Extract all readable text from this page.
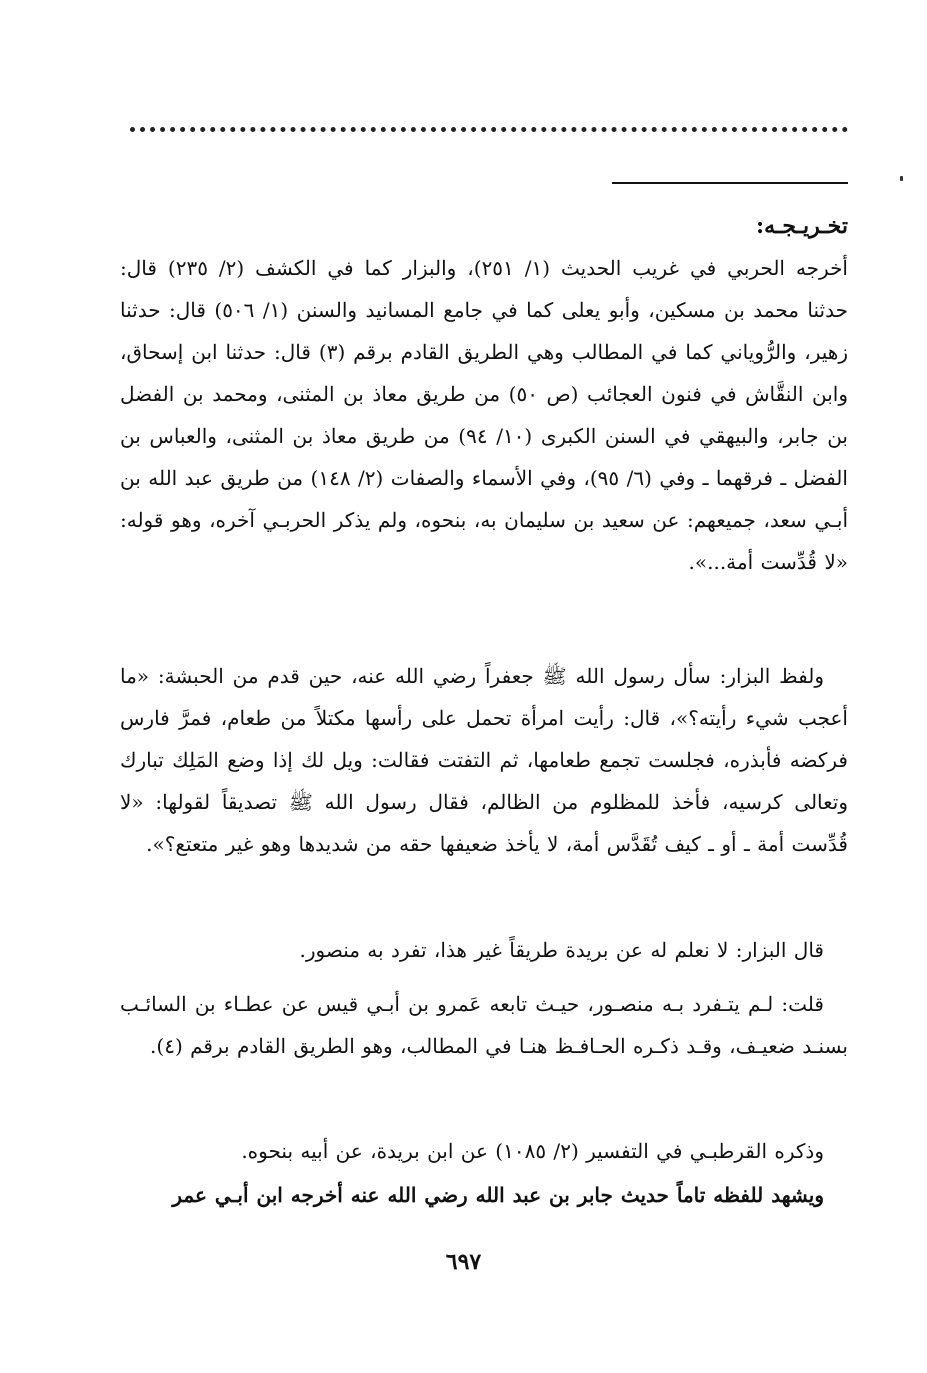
تخـريـجـه:
أخرجه الحربي في غريب الحديث (١/ ٢٥١)، والبزار كما في الكشف (٢/ ٢٣٥) قال: حدثنا محمد بن مسكين، وأبو يعلى كما في جامع المسانيد والسنن (١/ ٥٠٦) قال: حدثنا زهير، والرُّوياني كما في المطالب وهي الطريق القادم برقم (٣) قال: حدثنا ابن إسحاق، وابن النقَّاش في فنون العجائب (ص ٥٠) من طريق معاذ بن المثنى، ومحمد بن الفضل بن جابر، والبيهقي في السنن الكبرى (١٠/ ٩٤) من طريق معاذ بن المثنى، والعباس بن الفضل ـ فرقهما ـ وفي (٦/ ٩٥)، وفي الأسماء والصفات (٢/ ١٤٨) من طريق عبد الله بن أبـي سعد، جميعهم: عن سعيد بن سليمان به، بنحوه، ولم يذكر الحربـي آخره، وهو قوله: «لا قُدِّست أمة...».
ولفظ البزار: سأل رسول الله ﷺ جعفراً رضي الله عنه، حين قدم من الحبشة: «ما أعجب شيء رأيته؟»، قال: رأيت امرأة تحمل على رأسها مكتلاً من طعام، فمرَّ فارس فركضه فأبذره، فجلست تجمع طعامها، ثم التفتت فقالت: ويل لك إذا وضع المَلِك تبارك وتعالى كرسيه، فأخذ للمظلوم من الظالم، فقال رسول الله ﷺ تصديقاً لقولها: «لا قُدِّست أمة ـ أو ـ كيف تُقَدَّس أمة، لا يأخذ ضعيفها حقه من شديدها وهو غير متعتع؟».
قال البزار: لا نعلم له عن بريدة طريقاً غير هذا، تفرد به منصور.
قلت: لـم يتـفرد بـه منصـور، حيـث تابعه عَمرو بن أبـي قيس عن عطـاء بن السائـب بسنـد ضعيـف، وقـد ذكـره الحـافـظ هنـا في المطالب، وهو الطريق القادم برقم (٤).
وذكره القرطبـي في التفسير (٢/ ١٠٨٥) عن ابن بريدة، عن أبيه بنحوه.
ويشهد للفظه تاماً حديث جابر بن عبد الله رضي الله عنه أخرجه ابن أبـي عمر
٦٩٧
